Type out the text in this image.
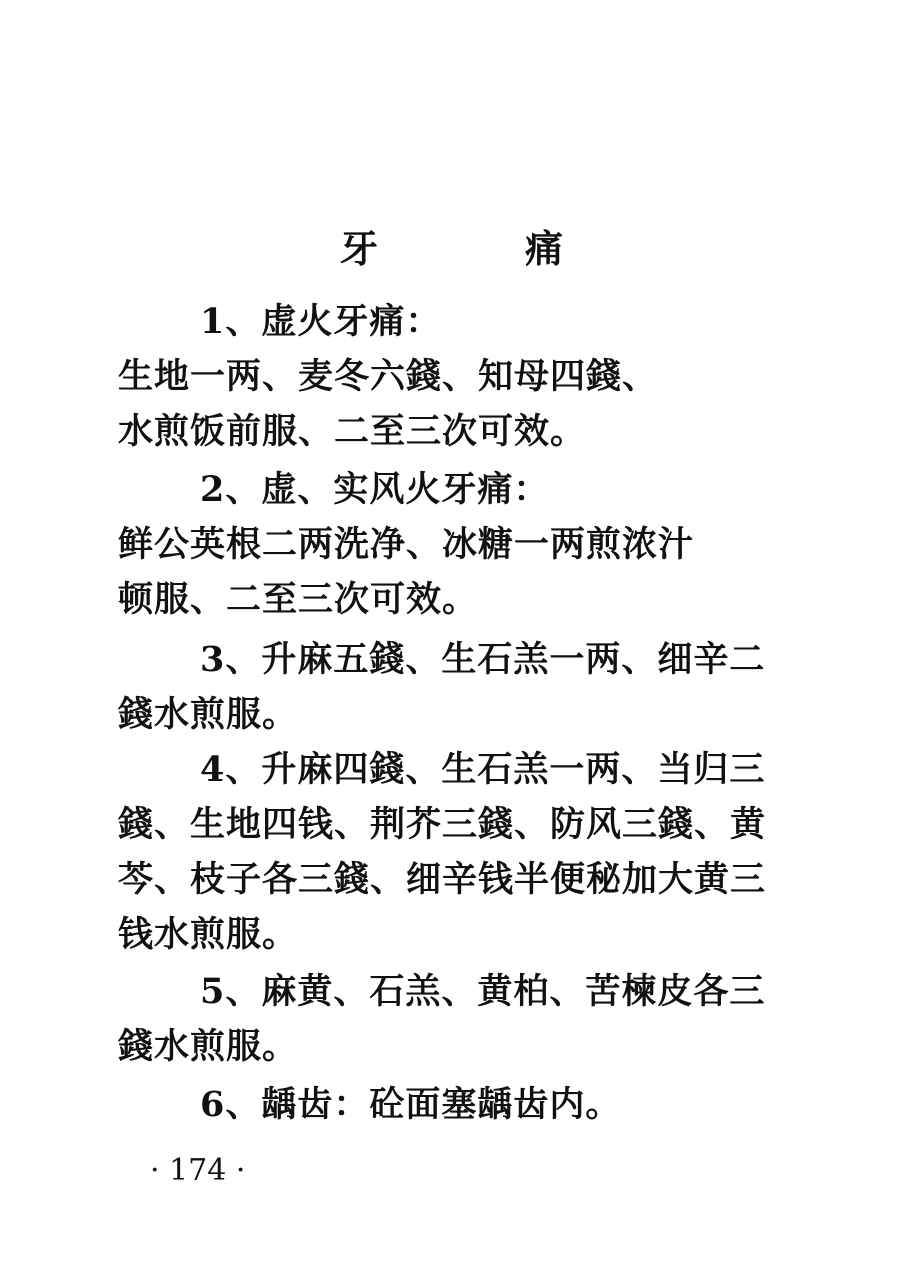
牙	痛
1、虚火牙痛：
生地一两、麦冬六錢、知母四錢、
水煎饭前服、二至三次可效。
2、虚、实风火牙痛：
鲜公英根二两洗净、冰糖一两煎浓汁
顿服、二至三次可效。
3、升麻五錢、生石羔一两、细辛二
錢水煎服。
4、升麻四錢、生石羔一两、当归三
錢、生地四钱、荆芥三錢、防风三錢、黄
芩、枝子各三錢、细辛钱半便秘加大黄三
钱水煎服。
5、麻黄、石羔、黄柏、苦楝皮各三
錢水煎服。
6、龋齿：砼面塞龋齿内。
· 174 ·
